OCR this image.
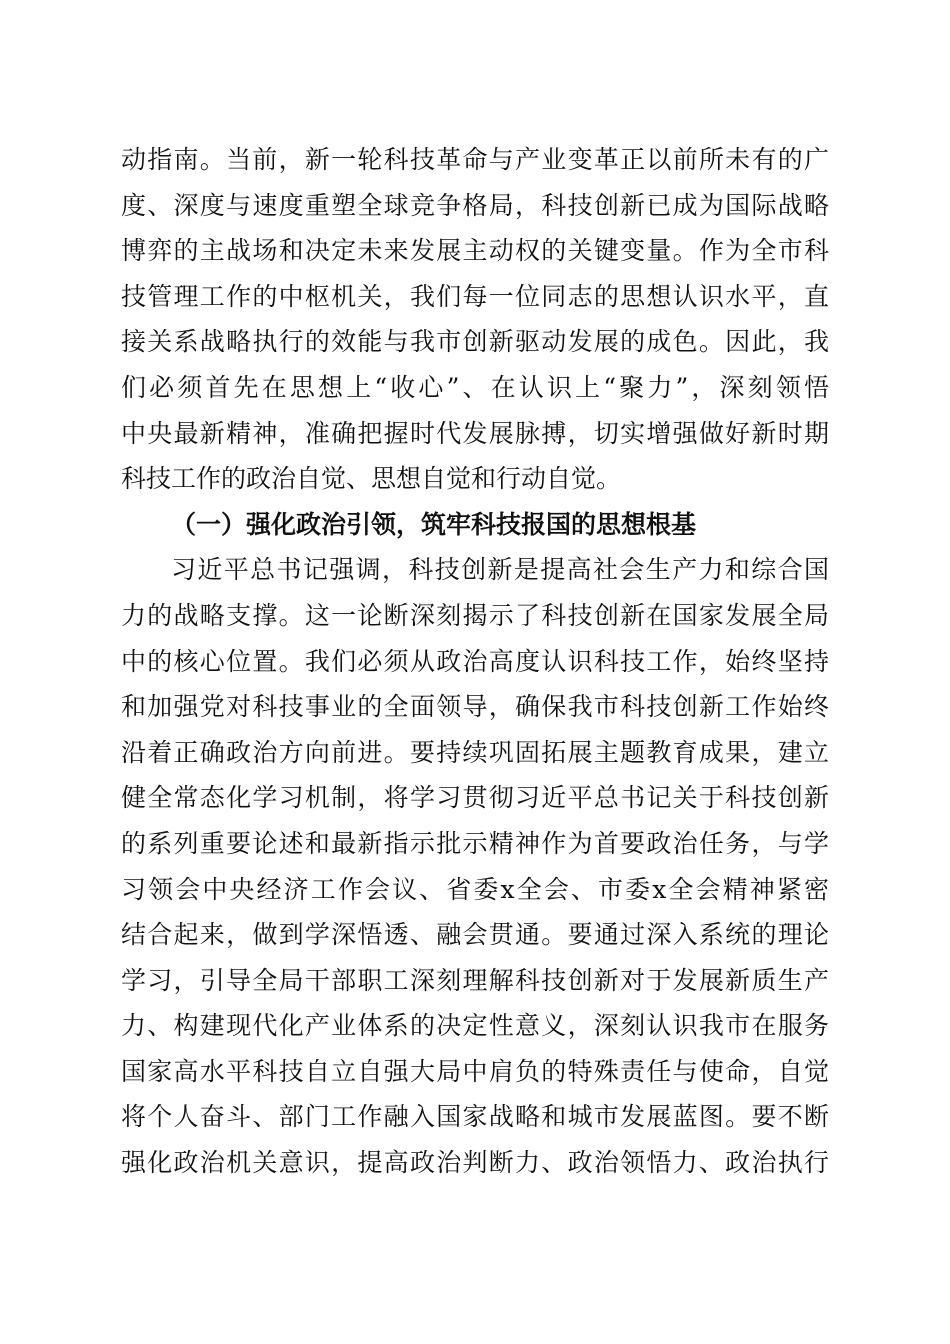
动指南。当前，新一轮科技革命与产业变革正以前所未有的广
度、深度与速度重塑全球竞争格局，科技创新已成为国际战略
博弈的主战场和决定未来发展主动权的关键变量。作为全市科
技管理工作的中枢机关，我们每一位同志的思想认识水平，直
接关系战略执行的效能与我市创新驱动发展的成色。因此，我
们必须首先在思想上“收心”、在认识上“聚力”，深刻领悟
中央最新精神，准确把握时代发展脉搏，切实增强做好新时期
科技工作的政治自觉、思想自觉和行动自觉。
（一）强化政治引领，筑牢科技报国的思想根基
习近平总书记强调，科技创新是提高社会生产力和综合国
力的战略支撑。这一论断深刻揭示了科技创新在国家发展全局
中的核心位置。我们必须从政治高度认识科技工作，始终坚持
和加强党对科技事业的全面领导，确保我市科技创新工作始终
沿着正确政治方向前进。要持续巩固拓展主题教育成果，建立
健全常态化学习机制，将学习贯彻习近平总书记关于科技创新
的系列重要论述和最新指示批示精神作为首要政治任务，与学
习领会中央经济工作会议、省委x全会、市委x全会精神紧密
结合起来，做到学深悟透、融会贯通。要通过深入系统的理论
学习，引导全局干部职工深刻理解科技创新对于发展新质生产
力、构建现代化产业体系的决定性意义，深刻认识我市在服务
国家高水平科技自立自强大局中肩负的特殊责任与使命，自觉
将个人奋斗、部门工作融入国家战略和城市发展蓝图。要不断
强化政治机关意识，提高政治判断力、政治领悟力、政治执行
